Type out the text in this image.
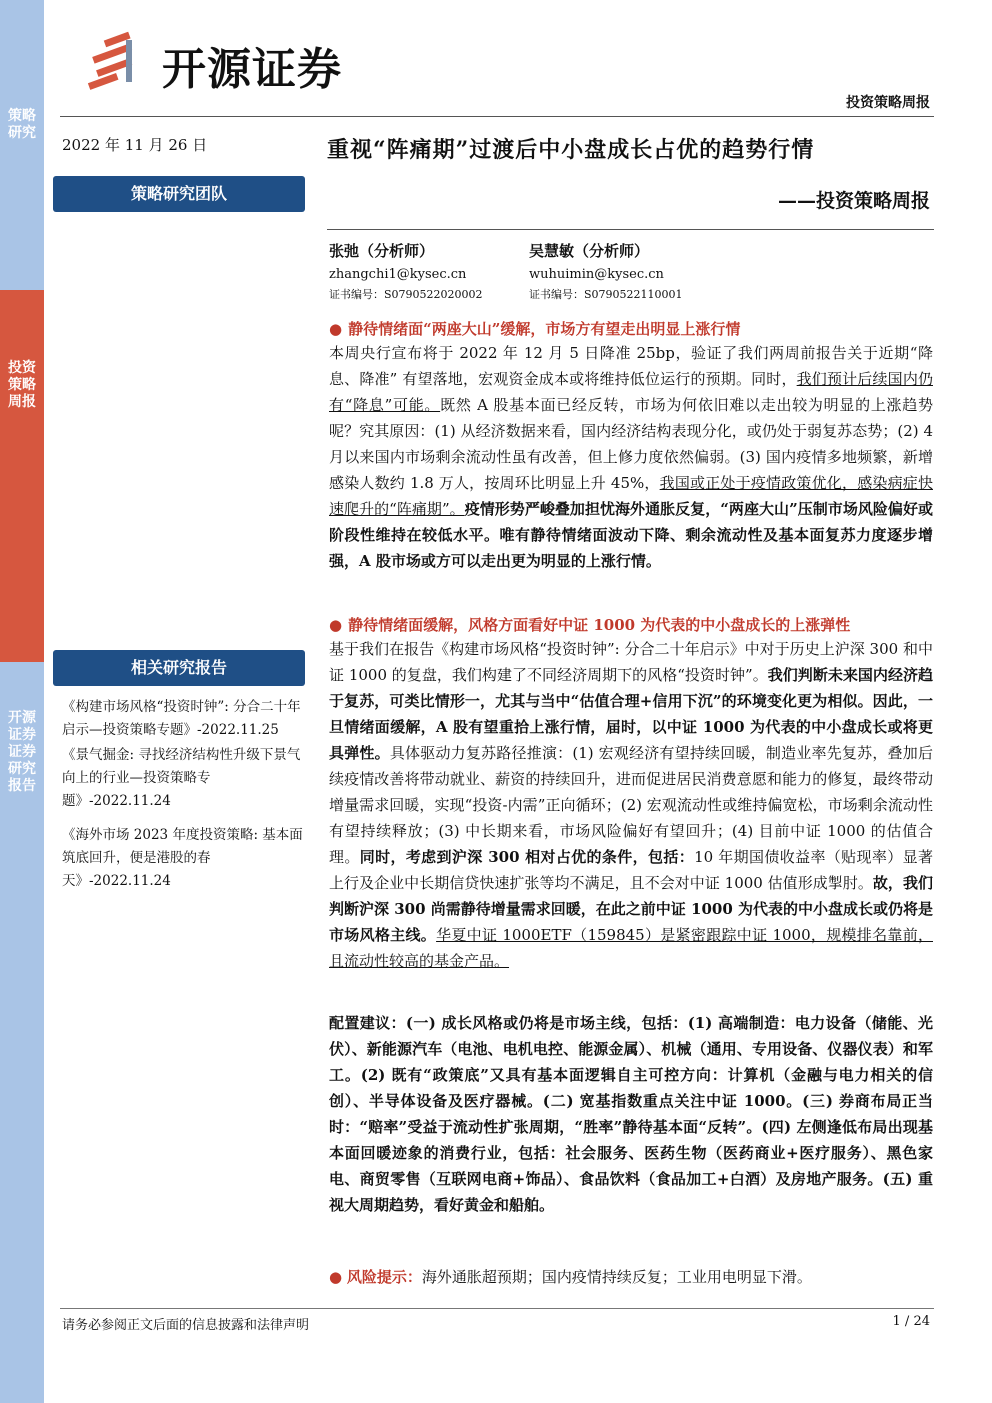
策略研究
投资策略周报
开源证券 证券研究报告
开源证券
投资策略周报
2022 年 11 月 26 日
策略研究团队
相关研究报告
《构建市场风格“投资时钟”: 分合二十年启示—投资策略专题》-2022.11.25
《景气掘金: 寻找经济结构性升级下景气向上的行业—投资策略专题》-2022.11.24
《海外市场 2023 年度投资策略: 基本面筑底回升，便是港股的春天》-2022.11.24
重视“阵痛期”过渡后中小盘成长占优的趋势行情
——投资策略周报
张弛（分析师）
zhangchi1@kysec.cn
证书编号：S0790522020002
吴慧敏（分析师）
wuhuimin@kysec.cn
证书编号：S0790522110001
● 静待情绪面“两座大山”缓解，市场方有望走出明显上涨行情
本周央行宣布将于 2022 年 12 月 5 日降准 25bp，验证了我们两周前报告关于近期“降息、降准” 有望落地，宏观资金成本或将维持低位运行的预期。同时，我们预计后续国内仍有“降息”可能。既然 A 股基本面已经反转，市场为何依旧难以走出较为明显的上涨趋势呢？究其原因：(1) 从经济数据来看，国内经济结构表现分化，或仍处于弱复苏态势；(2) 4 月以来国内市场剩余流动性虽有改善，但上修力度依然偏弱。(3) 国内疫情多地频繁，新增感染人数约 1.8 万人，按周环比明显上升 45%，我国或正处于疫情政策优化，感染病症快速爬升的“阵痛期”。疫情形势严峻叠加担忧海外通胀反复，“两座大山”压制市场风险偏好或阶段性维持在较低水平。唯有静待情绪面波动下降、剩余流动性及基本面复苏力度逐步增强，A 股市场或方可以走出更为明显的上涨行情。
● 静待情绪面缓解，风格方面看好中证 1000 为代表的中小盘成长的上涨弹性
基于我们在报告《构建市场风格“投资时钟”: 分合二十年启示》中对于历史上沪深 300 和中证 1000 的复盘，我们构建了不同经济周期下的风格“投资时钟”。我们判断未来国内经济趋于复苏，可类比情形一，尤其与当中“估值合理+信用下沉”的环境变化更为相似。因此，一旦情绪面缓解，A 股有望重拾上涨行情，届时，以中证 1000 为代表的中小盘成长或将更具弹性。具体驱动力复苏路径推演：(1) 宏观经济有望持续回暖，制造业率先复苏，叠加后续疫情改善将带动就业、薪资的持续回升，进而促进居民消费意愿和能力的修复，最终带动增量需求回暖，实现“投资-内需”正向循环；(2) 宏观流动性或维持偏宽松，市场剩余流动性有望持续释放；(3) 中长期来看，市场风险偏好有望回升；(4) 目前中证 1000 的估值合理。同时，考虑到沪深 300 相对占优的条件，包括：10 年期国债收益率（贴现率）显著上行及企业中长期信贷快速扩张等均不满足，且不会对中证 1000 估值形成掣肘。故，我们判断沪深 300 尚需静待增量需求回暖，在此之前中证 1000 为代表的中小盘成长或仍将是市场风格主线。华夏中证 1000ETF（159845）是紧密跟踪中证 1000，规模排名靠前，且流动性较高的基金产品。
配置建议：(一) 成长风格或仍将是市场主线，包括：(1) 高端制造：电力设备（储能、光伏）、新能源汽车（电池、电机电控、能源金属）、机械（通用、专用设备、仪器仪表）和军工。(2) 既有“政策底”又具有基本面逻辑自主可控方向：计算机（金融与电力相关的信创）、半导体设备及医疗器械。(二) 宽基指数重点关注中证 1000。(三) 券商布局正当时：“赔率”受益于流动性扩张周期，“胜率”静待基本面“反转”。(四) 左侧逢低布局出现基本面回暖迹象的消费行业，包括：社会服务、医药生物（医药商业+医疗服务）、黑色家电、商贸零售（互联网电商+饰品）、食品饮料（食品加工+白酒）及房地产服务。(五) 重视大周期趋势，看好黄金和船舶。
● 风险提示：海外通胀超预期；国内疫情持续反复；工业用电明显下滑。
请务必参阅正文后面的信息披露和法律声明	1 / 24
